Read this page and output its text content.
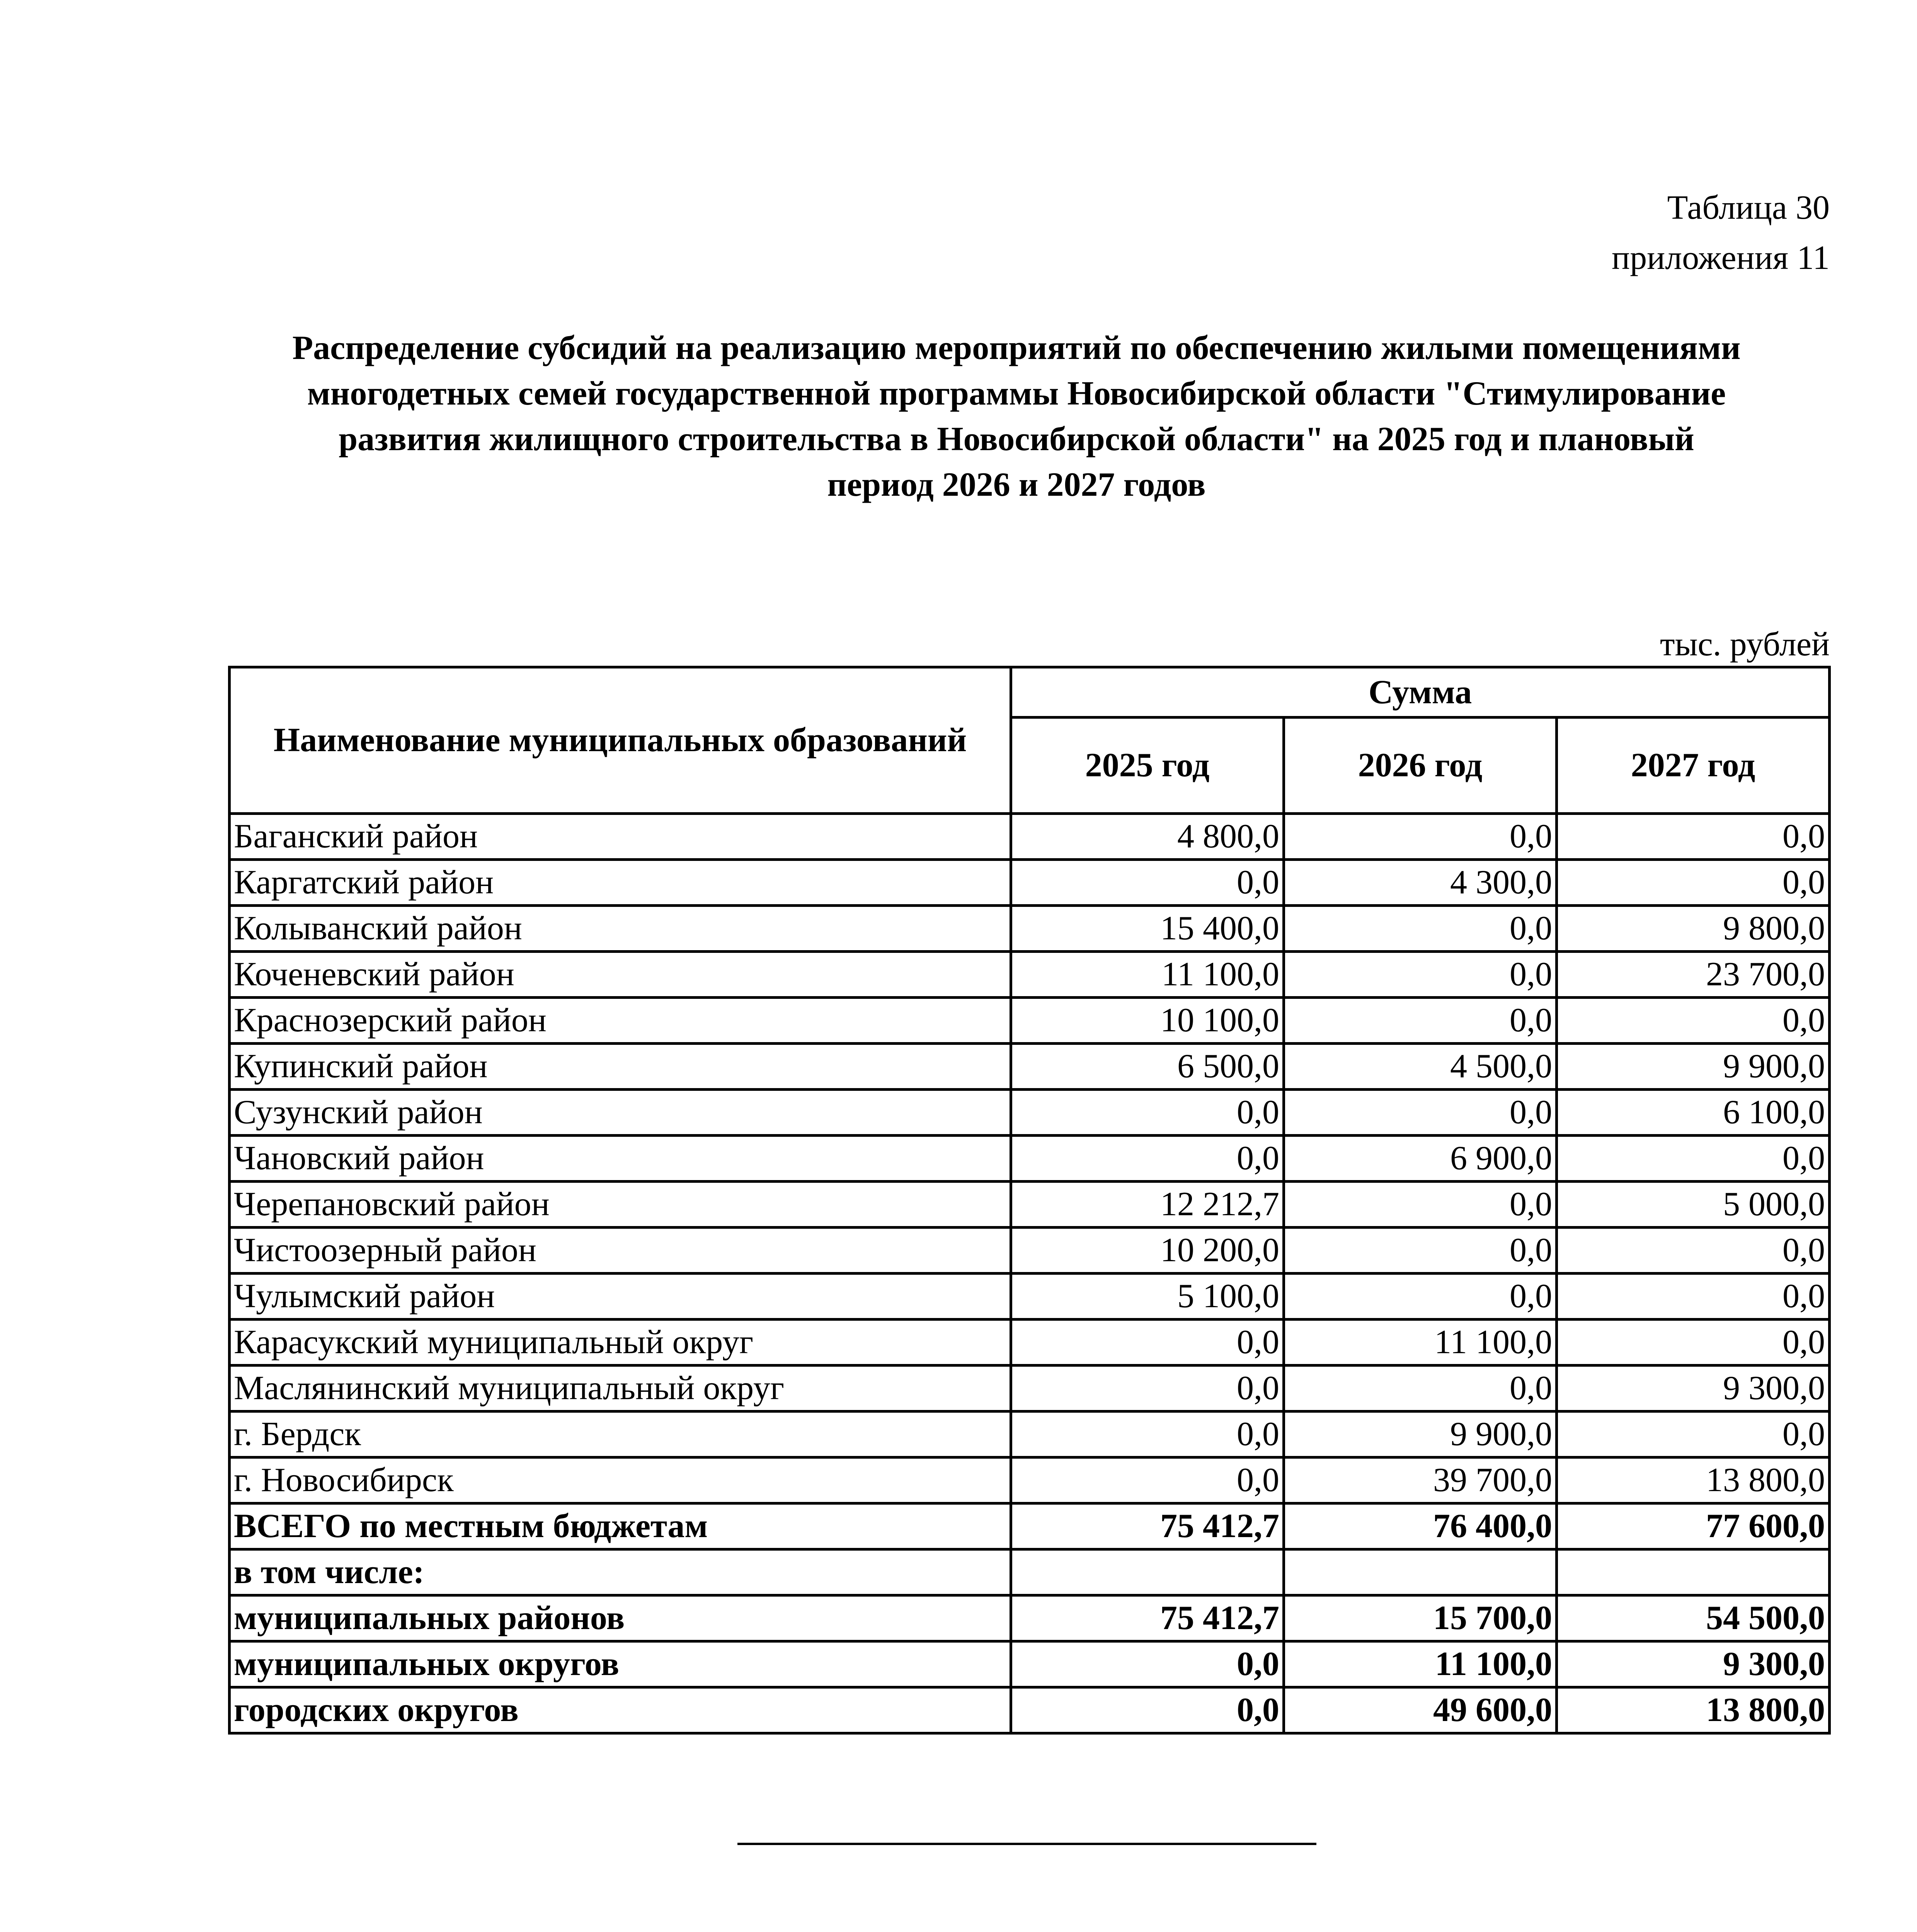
Таблица 30
приложения 11
Распределение субсидий на реализацию мероприятий по обеспечению жилыми помещениями
многодетных семей государственной программы Новосибирской области "Стимулирование
развития жилищного строительства в Новосибирской области" на 2025 год и плановый
период 2026 и 2027 годов
тыс. рублей
Наименование муниципальных образований	Сумма		
	2025 год	2026 год	2027 год
Баганский район	4 800,0	0,0	0,0
Каргатский район	0,0	4 300,0	0,0
Колыванский район	15 400,0	0,0	9 800,0
Коченевский район	11 100,0	0,0	23 700,0
Краснозерский район	10 100,0	0,0	0,0
Купинский район	6 500,0	4 500,0	9 900,0
Сузунский район	0,0	0,0	6 100,0
Чановский район	0,0	6 900,0	0,0
Черепановский район	12 212,7	0,0	5 000,0
Чистоозерный район	10 200,0	0,0	0,0
Чулымский район	5 100,0	0,0	0,0
Карасукский муниципальный округ	0,0	11 100,0	0,0
Маслянинский муниципальный округ	0,0	0,0	9 300,0
г. Бердск	0,0	9 900,0	0,0
г. Новосибирск	0,0	39 700,0	13 800,0
ВСЕГО по местным бюджетам	75 412,7	76 400,0	77 600,0
в том числе:			
муниципальных районов	75 412,7	15 700,0	54 500,0
муниципальных округов	0,0	11 100,0	9 300,0
городских округов	0,0	49 600,0	13 800,0
